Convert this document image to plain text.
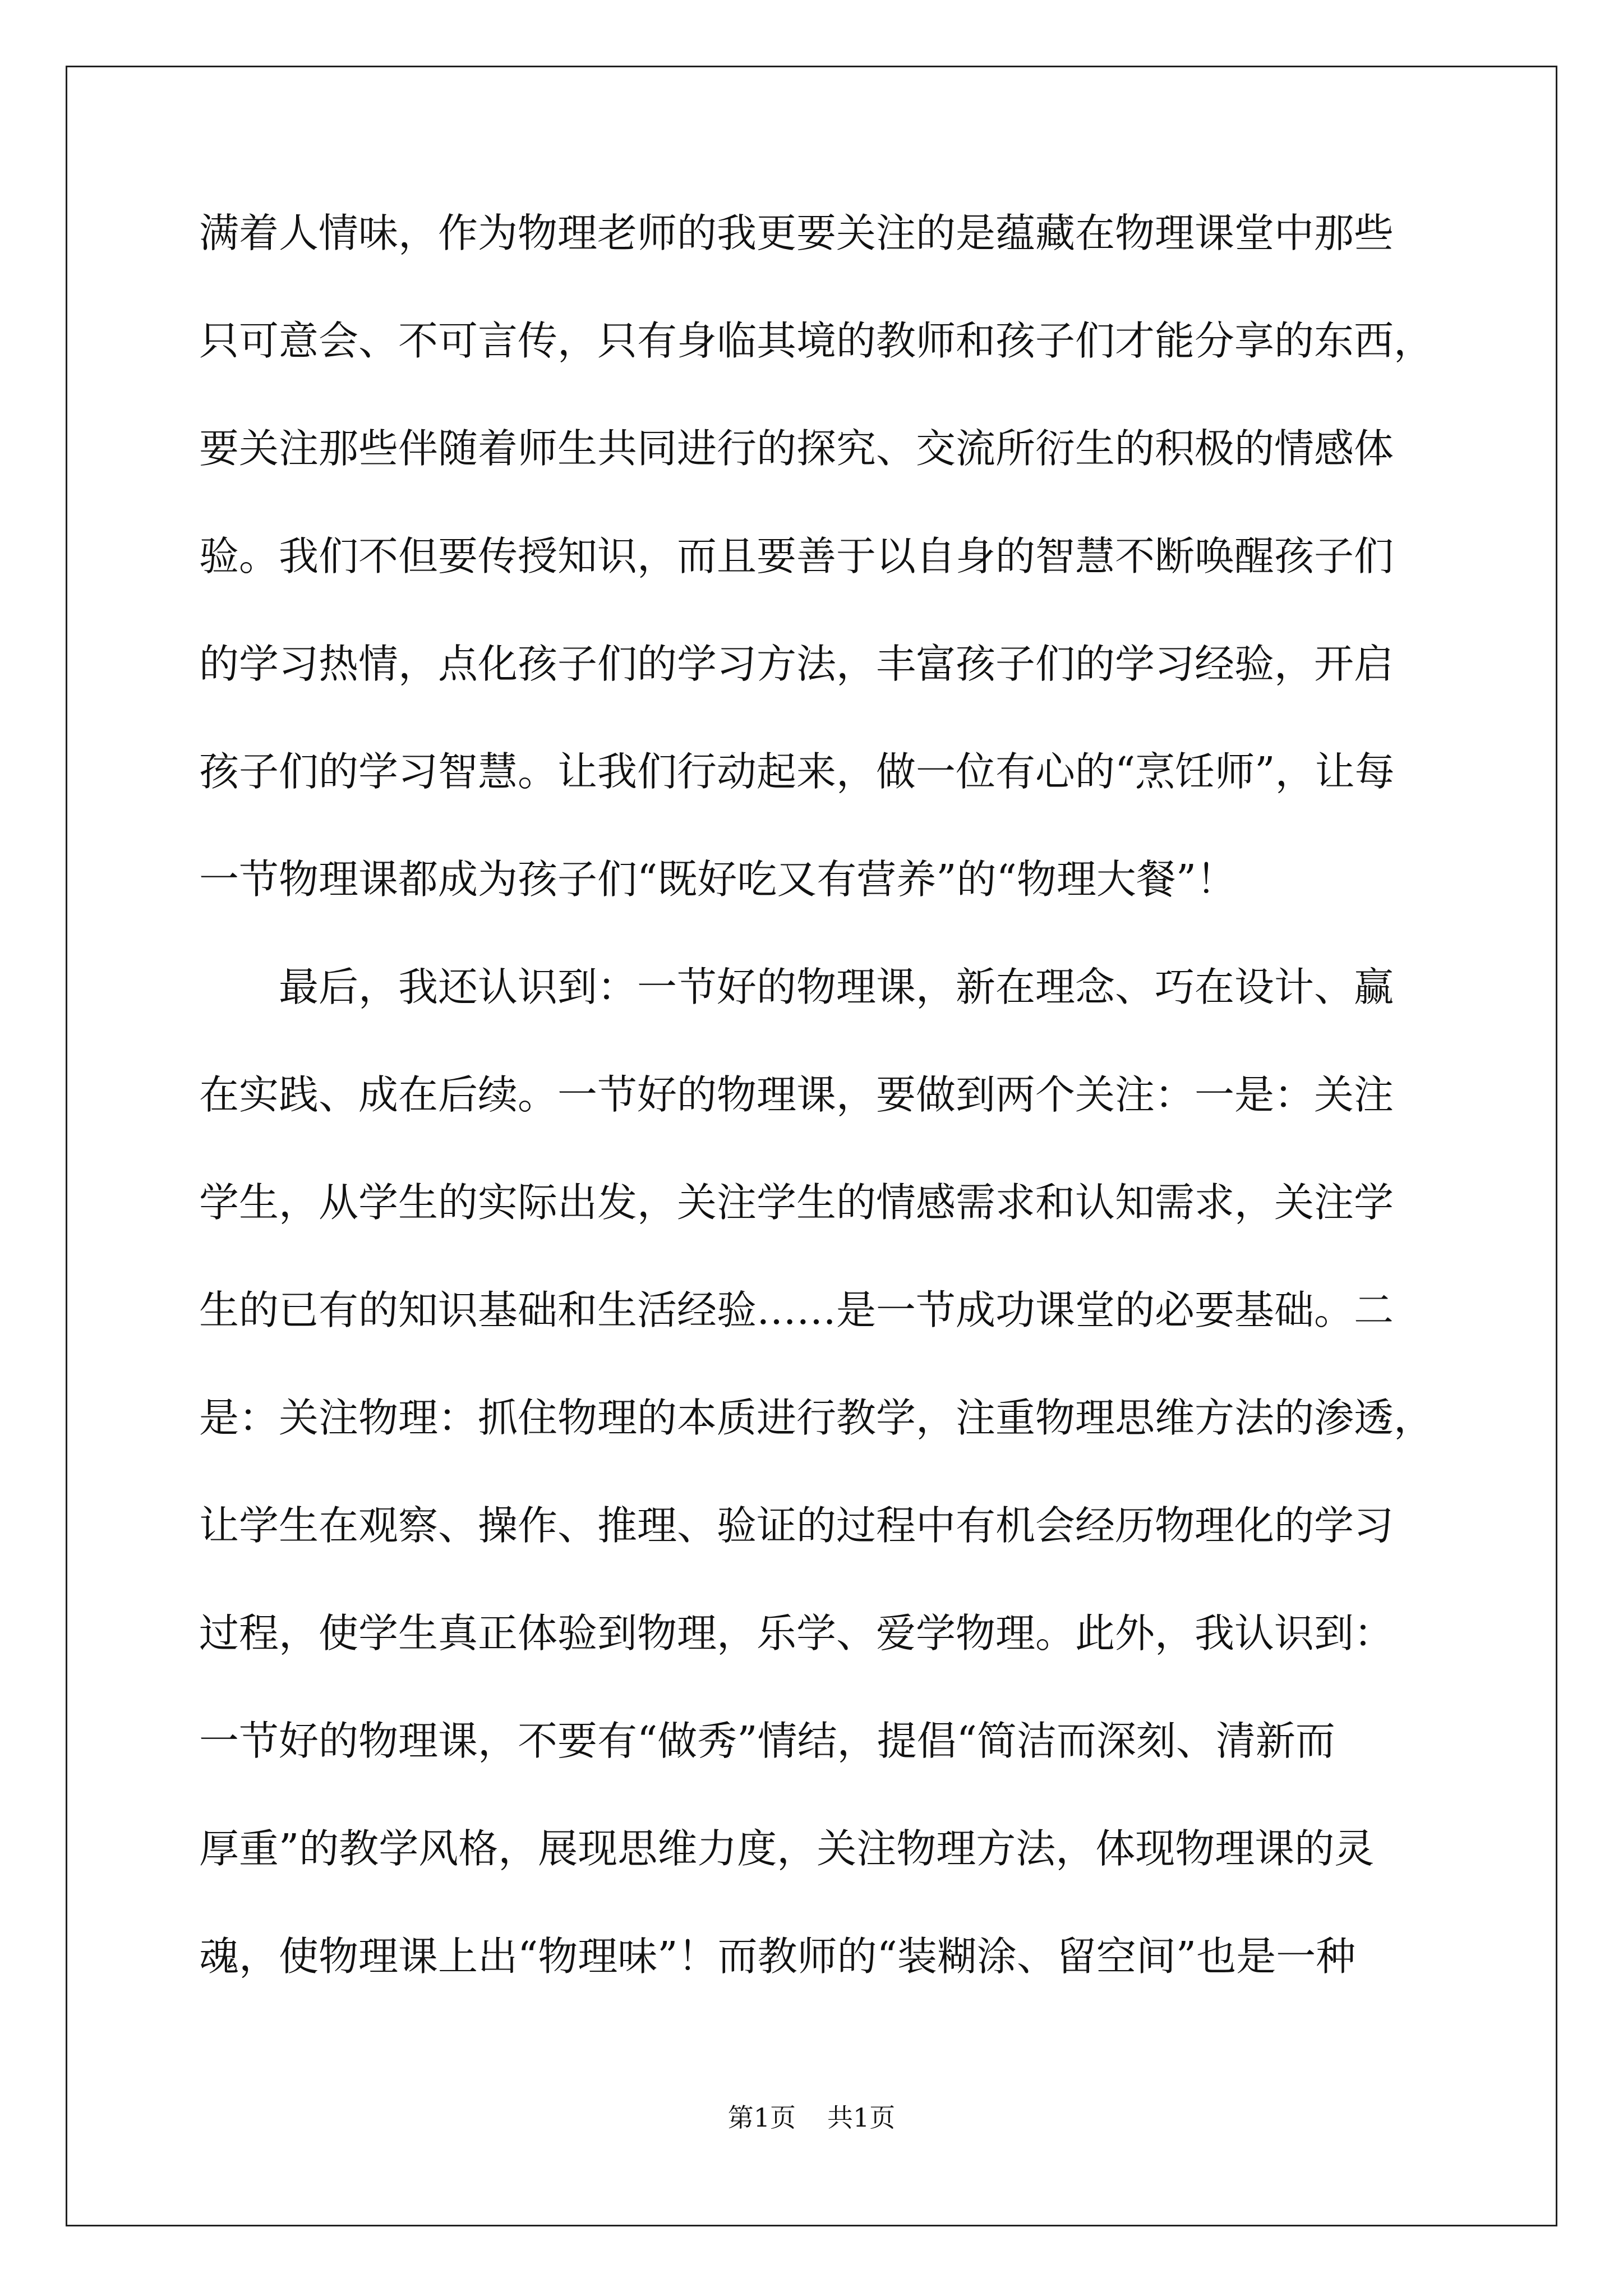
满着人情味，作为物理老师的我更要关注的是蕴藏在物理课堂中那些
只可意会、不可言传，只有身临其境的教师和孩子们才能分享的东西，
要关注那些伴随着师生共同进行的探究、交流所衍生的积极的情感体
验。我们不但要传授知识，而且要善于以自身的智慧不断唤醒孩子们
的学习热情，点化孩子们的学习方法，丰富孩子们的学习经验，开启
孩子们的学习智慧。让我们行动起来，做一位有心的“烹饪师”，让每
一节物理课都成为孩子们“既好吃又有营养”的“物理大餐”！
最后，我还认识到：一节好的物理课，新在理念、巧在设计、赢
在实践、成在后续。一节好的物理课，要做到两个关注：一是：关注
学生，从学生的实际出发，关注学生的情感需求和认知需求，关注学
生的已有的知识基础和生活经验……是一节成功课堂的必要基础。二
是：关注物理：抓住物理的本质进行教学，注重物理思维方法的渗透，
让学生在观察、操作、推理、验证的过程中有机会经历物理化的学习
过程，使学生真正体验到物理，乐学、爱学物理。此外，我认识到：
一节好的物理课，不要有“做秀”情结，提倡“简洁而深刻、清新而
厚重”的教学风格，展现思维力度，关注物理方法，体现物理课的灵
魂，使物理课上出“物理味”！而教师的“装糊涂、留空间”也是一种
第1页 共1页
